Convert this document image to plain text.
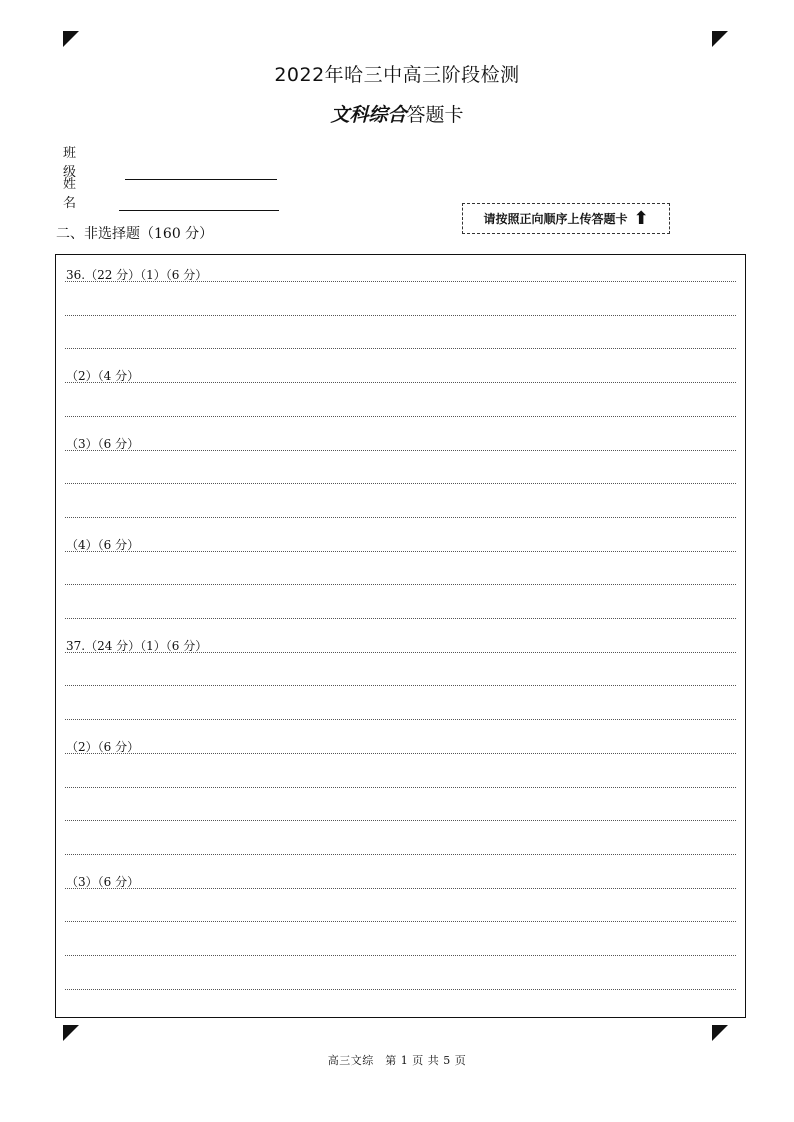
2022年哈三中高三阶段检测
文科综合答题卡
班级
姓名
二、非选择题（160 分）
请按照正向顺序上传答题卡 ⬆
36.（22 分）（1）（6 分）
（2）（4 分）
（3）（6 分）
（4）（6 分）
37.（24 分）（1）（6 分）
（2）（6 分）
（3）（6 分）
高三文综　第 1 页 共 5 页
